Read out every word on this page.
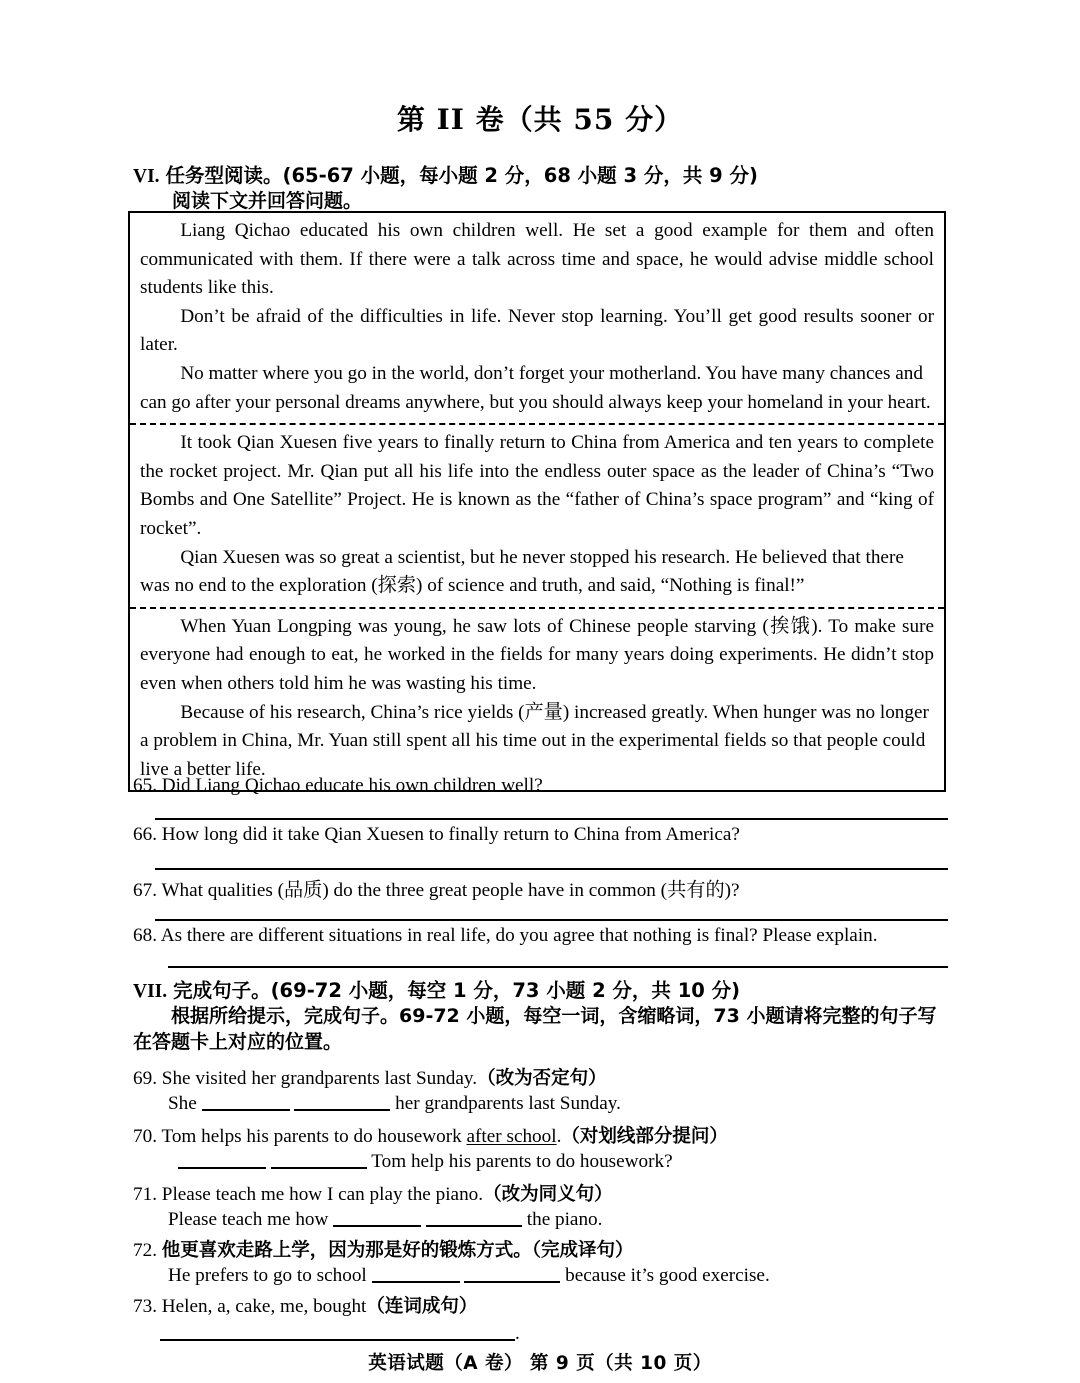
第 II 卷（共 55 分）
VI. 任务型阅读。(65-67 小题，每小题 2 分，68 小题 3 分，共 9 分)
阅读下文并回答问题。

Liang Qichao educated his own children well. He set a good example for them and often communicated with them. If there were a talk across time and space, he would advise middle school students like this.

Don’t be afraid of the difficulties in life. Never stop learning. You’ll get good results sooner or later.

No matter where you go in the world, don’t forget your motherland. You have many chances and can go after your personal dreams anywhere, but you should always keep your homeland in your heart.

It took Qian Xuesen five years to finally return to China from America and ten years to complete the rocket project. Mr. Qian put all his life into the endless outer space as the leader of China’s “Two Bombs and One Satellite” Project. He is known as the “father of China’s space program” and “king of rocket”.

Qian Xuesen was so great a scientist, but he never stopped his research. He believed that there was no end to the exploration (探索) of science and truth, and said, “Nothing is final!”

When Yuan Longping was young, he saw lots of Chinese people starving (挨饿). To make sure everyone had enough to eat, he worked in the fields for many years doing experiments. He didn’t stop even when others told him he was wasting his time.

Because of his research, China’s rice yields (产量) increased greatly. When hunger was no longer a problem in China, Mr. Yuan still spent all his time out in the experimental fields so that people could live a better life.

65. Did Liang Qichao educate his own children well?
66. How long did it take Qian Xuesen to finally return to China from America?
67. What qualities (品质) do the three great people have in common (共有的)?
68. As there are different situations in real life, do you agree that nothing is final? Please explain.
VII. 完成句子。(69-72 小题，每空 1 分，73 小题 2 分，共 10 分)
根据所给提示，完成句子。69-72 小题，每空一词，含缩略词，73 小题请将完整的句子写在答题卡上对应的位置。
69. She visited her grandparents last Sunday.（改为否定句）
She	her grandparents last Sunday.
70. Tom helps his parents to do housework after school.（对划线部分提问）
Tom help his parents to do housework?
71. Please teach me how I can play the piano.（改为同义句）
Please teach me how	the piano.
72. 他更喜欢走路上学，因为那是好的锻炼方式。（完成译句）
He prefers to go to school	because it’s good exercise.
73. Helen, a, cake, me, bought（连词成句）
.
英语试题（A 卷） 第 9 页（共 10 页）
